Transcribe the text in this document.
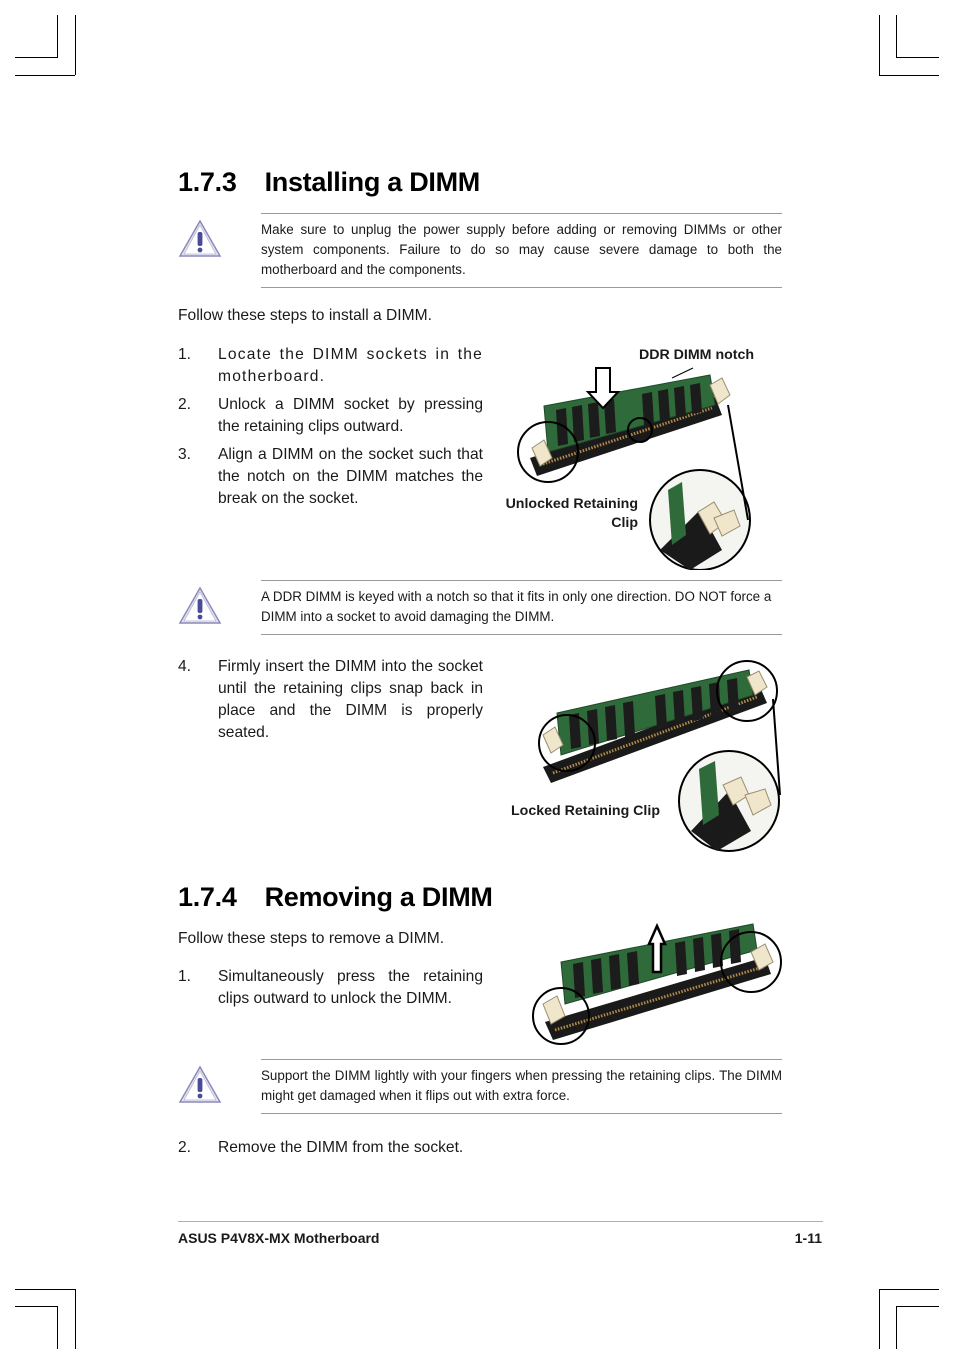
1.7.3 Installing a DIMM
Make sure to unplug the power supply before adding or removing DIMMs or other system components. Failure to do so may cause severe damage to both the motherboard and the components.
Follow these steps to install a DIMM.
1.	Locate the DIMM sockets in the motherboard.
2.	Unlock a DIMM socket by pressing the retaining clips outward.
3.	Align a DIMM on the socket such that the notch on the DIMM matches the break on the socket.
DDR DIMM notch
Unlocked Retaining Clip
A DDR DIMM is keyed with a notch so that it fits in only one direction. DO NOT force a DIMM into a socket to avoid damaging the DIMM.
4.	Firmly insert the DIMM into the socket until the retaining clips snap back in place and the DIMM is properly seated.
Locked Retaining Clip
1.7.4 Removing a DIMM
Follow these steps to remove a DIMM.
1.	Simultaneously press the retaining clips outward to unlock the DIMM.
Support the DIMM lightly with your fingers when pressing the retaining clips. The DIMM might get damaged when it flips out with extra force.
2.	Remove the DIMM from the socket.
ASUS P4V8X-MX Motherboard	1-11
